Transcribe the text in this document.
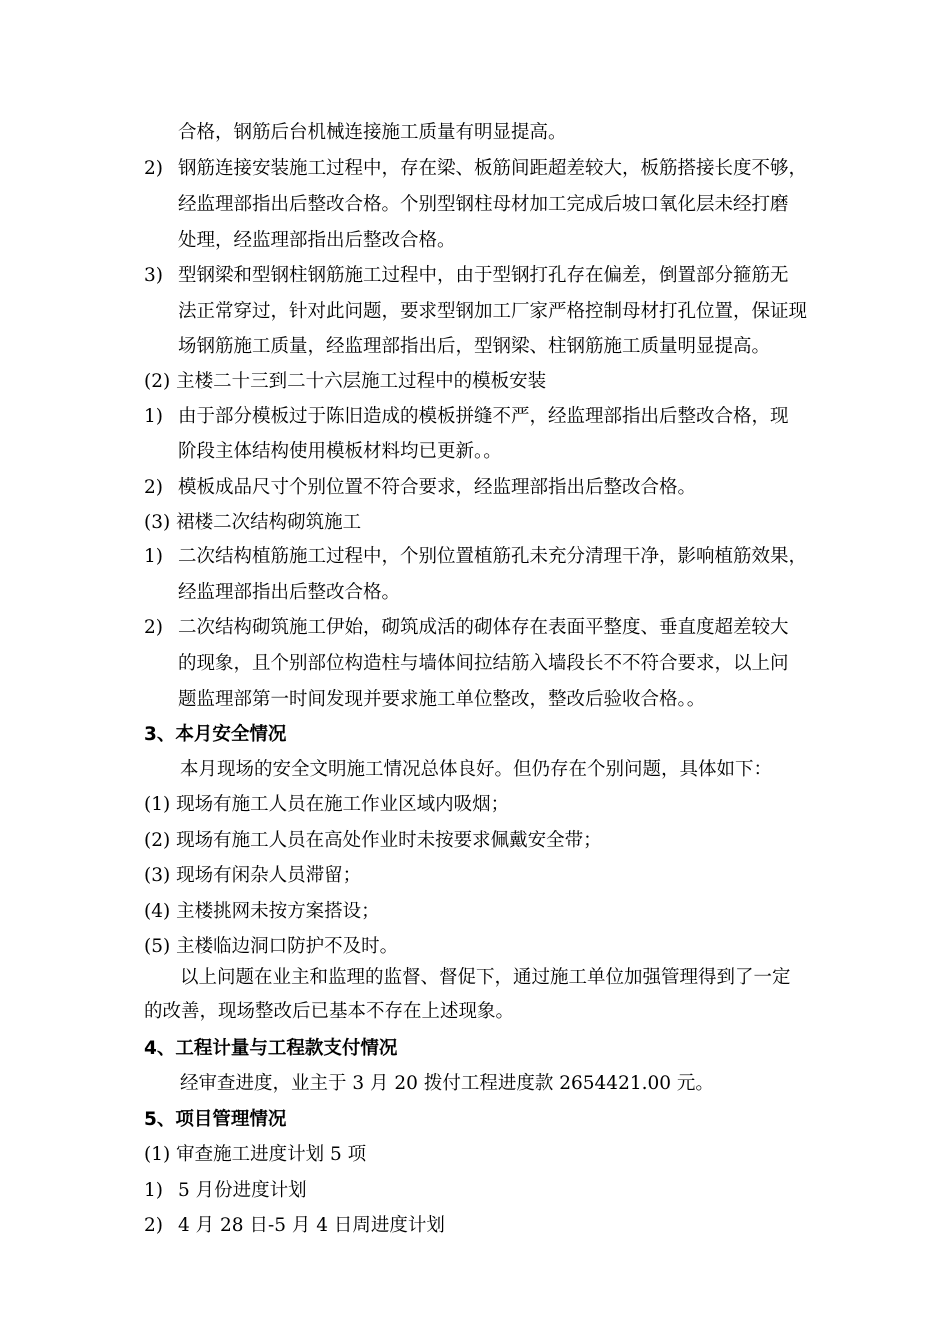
合格，钢筋后台机械连接施工质量有明显提高。
2) 钢筋连接安装施工过程中，存在梁、板筋间距超差较大，板筋搭接长度不够，
经监理部指出后整改合格。个别型钢柱母材加工完成后坡口氧化层未经打磨
处理，经监理部指出后整改合格。
3) 型钢梁和型钢柱钢筋施工过程中，由于型钢打孔存在偏差，倒置部分箍筋无
法正常穿过，针对此问题，要求型钢加工厂家严格控制母材打孔位置，保证现
场钢筋施工质量，经监理部指出后，型钢梁、柱钢筋施工质量明显提高。
(2) 主楼二十三到二十六层施工过程中的模板安装
1) 由于部分模板过于陈旧造成的模板拼缝不严，经监理部指出后整改合格，现
阶段主体结构使用模板材料均已更新。。
2) 模板成品尺寸个别位置不符合要求，经监理部指出后整改合格。
(3) 裙楼二次结构砌筑施工
1) 二次结构植筋施工过程中，个别位置植筋孔未充分清理干净，影响植筋效果，
经监理部指出后整改合格。
2) 二次结构砌筑施工伊始，砌筑成活的砌体存在表面平整度、垂直度超差较大
的现象，且个别部位构造柱与墙体间拉结筋入墙段长不不符合要求，以上问
题监理部第一时间发现并要求施工单位整改，整改后验收合格。。
3、本月安全情况
本月现场的安全文明施工情况总体良好。但仍存在个别问题，具体如下：
(1) 现场有施工人员在施工作业区域内吸烟；
(2) 现场有施工人员在高处作业时未按要求佩戴安全带；
(3) 现场有闲杂人员滞留；
(4) 主楼挑网未按方案搭设；
(5) 主楼临边洞口防护不及时。
以上问题在业主和监理的监督、督促下，通过施工单位加强管理得到了一定
的改善，现场整改后已基本不存在上述现象。
4、工程计量与工程款支付情况
经审查进度，业主于 3 月 20 拨付工程进度款 2654421.00 元。
5、项目管理情况
(1) 审查施工进度计划 5 项
1) 5 月份进度计划
2) 4 月 28 日-5 月 4 日周进度计划
